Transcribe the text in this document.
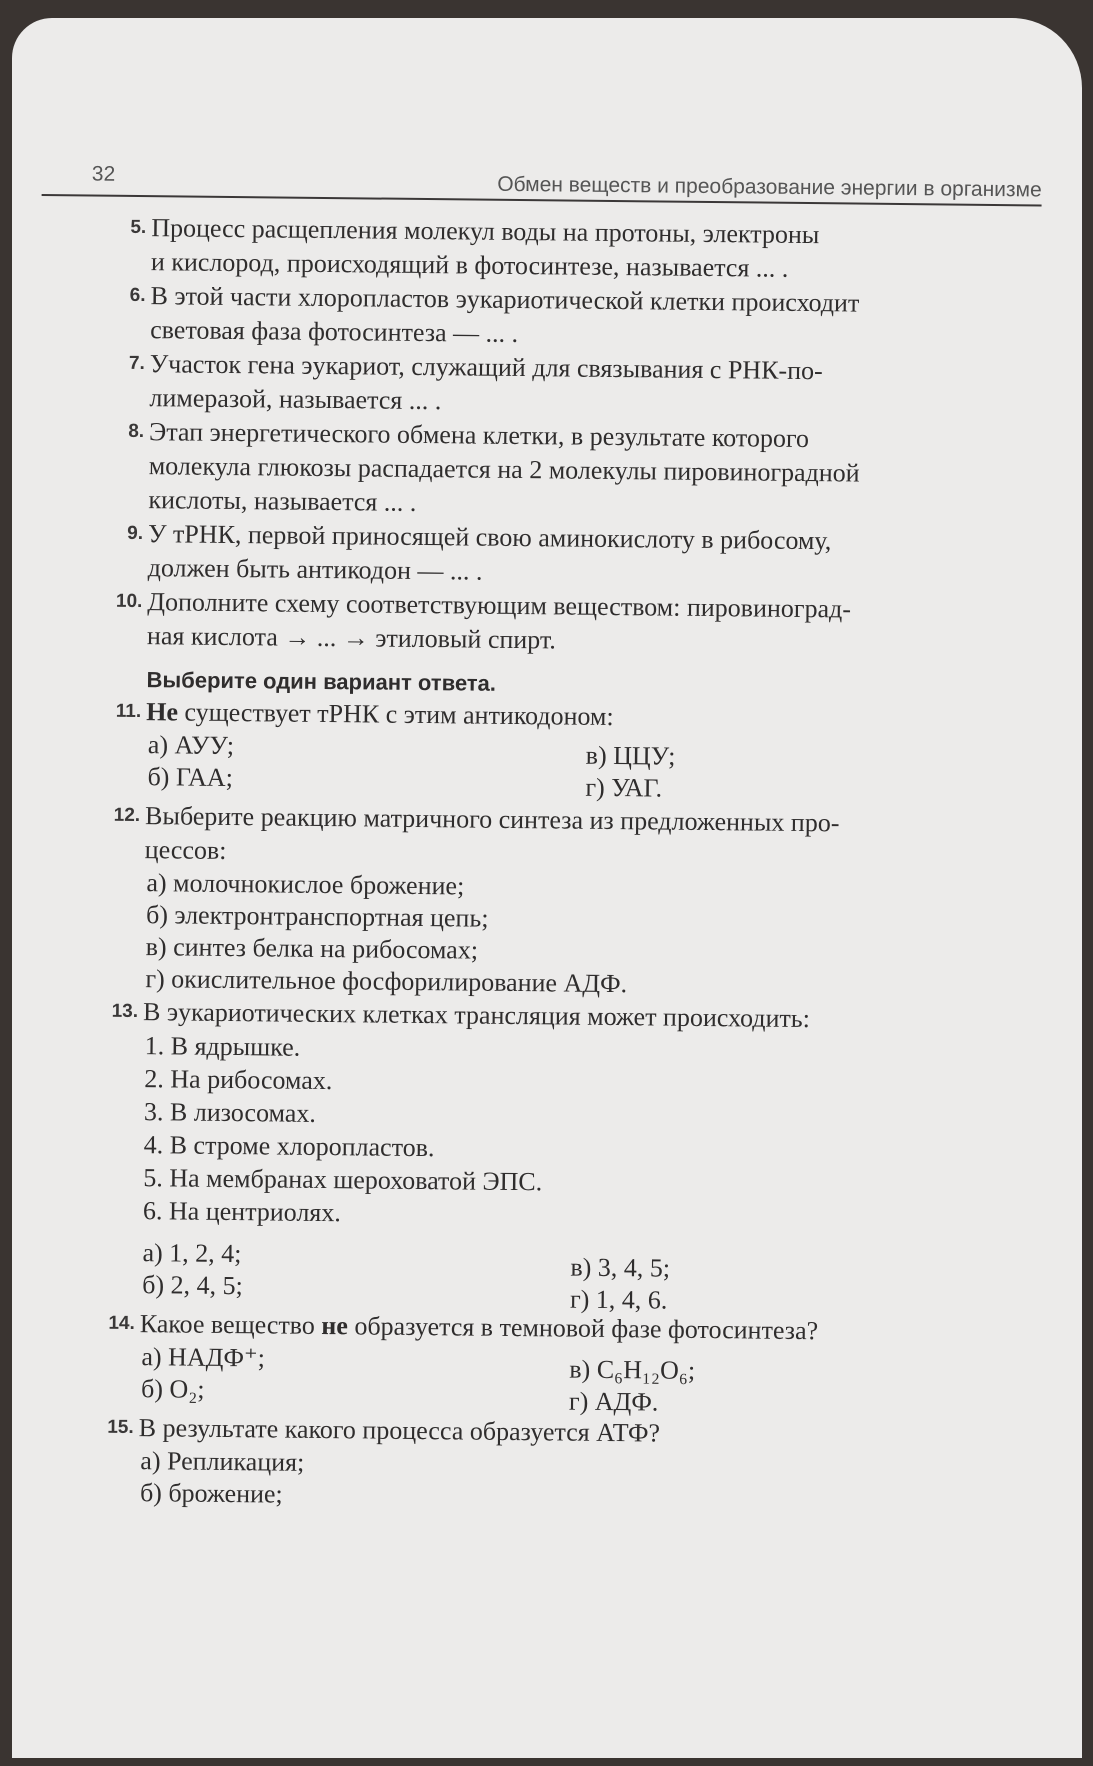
32	Обмен веществ и преобразование энергии в организме
5. Процесс расщепления молекул воды на протоны, электроны
и кислород, происходящий в фотосинтезе, называется ... .
6. В этой части хлоропластов эукариотической клетки происходит
световая фаза фотосинтеза — ... .
7. Участок гена эукариот, служащий для связывания с РНК-по-
лимеразой, называется ... .
8. Этап энергетического обмена клетки, в результате которого
молекула глюкозы распадается на 2 молекулы пировиноградной
кислоты, называется ... .
9. У тРНК, первой приносящей свою аминокислоту в рибосому,
должен быть антикодон — ... .
10. Дополните схему соответствующим веществом: пировиноград-
ная кислота → ... → этиловый спирт.
Выберите один вариант ответа.
11. Не существует тРНК с этим антикодоном:
а) АУУ;
б) ГАА;
в) ЦЦУ;
г) УАГ.
12. Выберите реакцию матричного синтеза из предложенных про-
цессов:
а) молочнокислое брожение;
б) электронтранспортная цепь;
в) синтез белка на рибосомах;
г) окислительное фосфорилирование АДФ.
13. В эукариотических клетках трансляция может происходить:
1. В ядрышке.
2. На рибосомах.
3. В лизосомах.
4. В строме хлоропластов.
5. На мембранах шероховатой ЭПС.
6. На центриолях.
а) 1, 2, 4;
б) 2, 4, 5;
в) 3, 4, 5;
г) 1, 4, 6.
14. Какое вещество не образуется в темновой фазе фотосинтеза?
а) НАДФ⁺;
б) O₂;
в) C₆H₁₂O₆;
г) АДФ.
15. В результате какого процесса образуется АТФ?
а) Репликация;
б) брожение;
